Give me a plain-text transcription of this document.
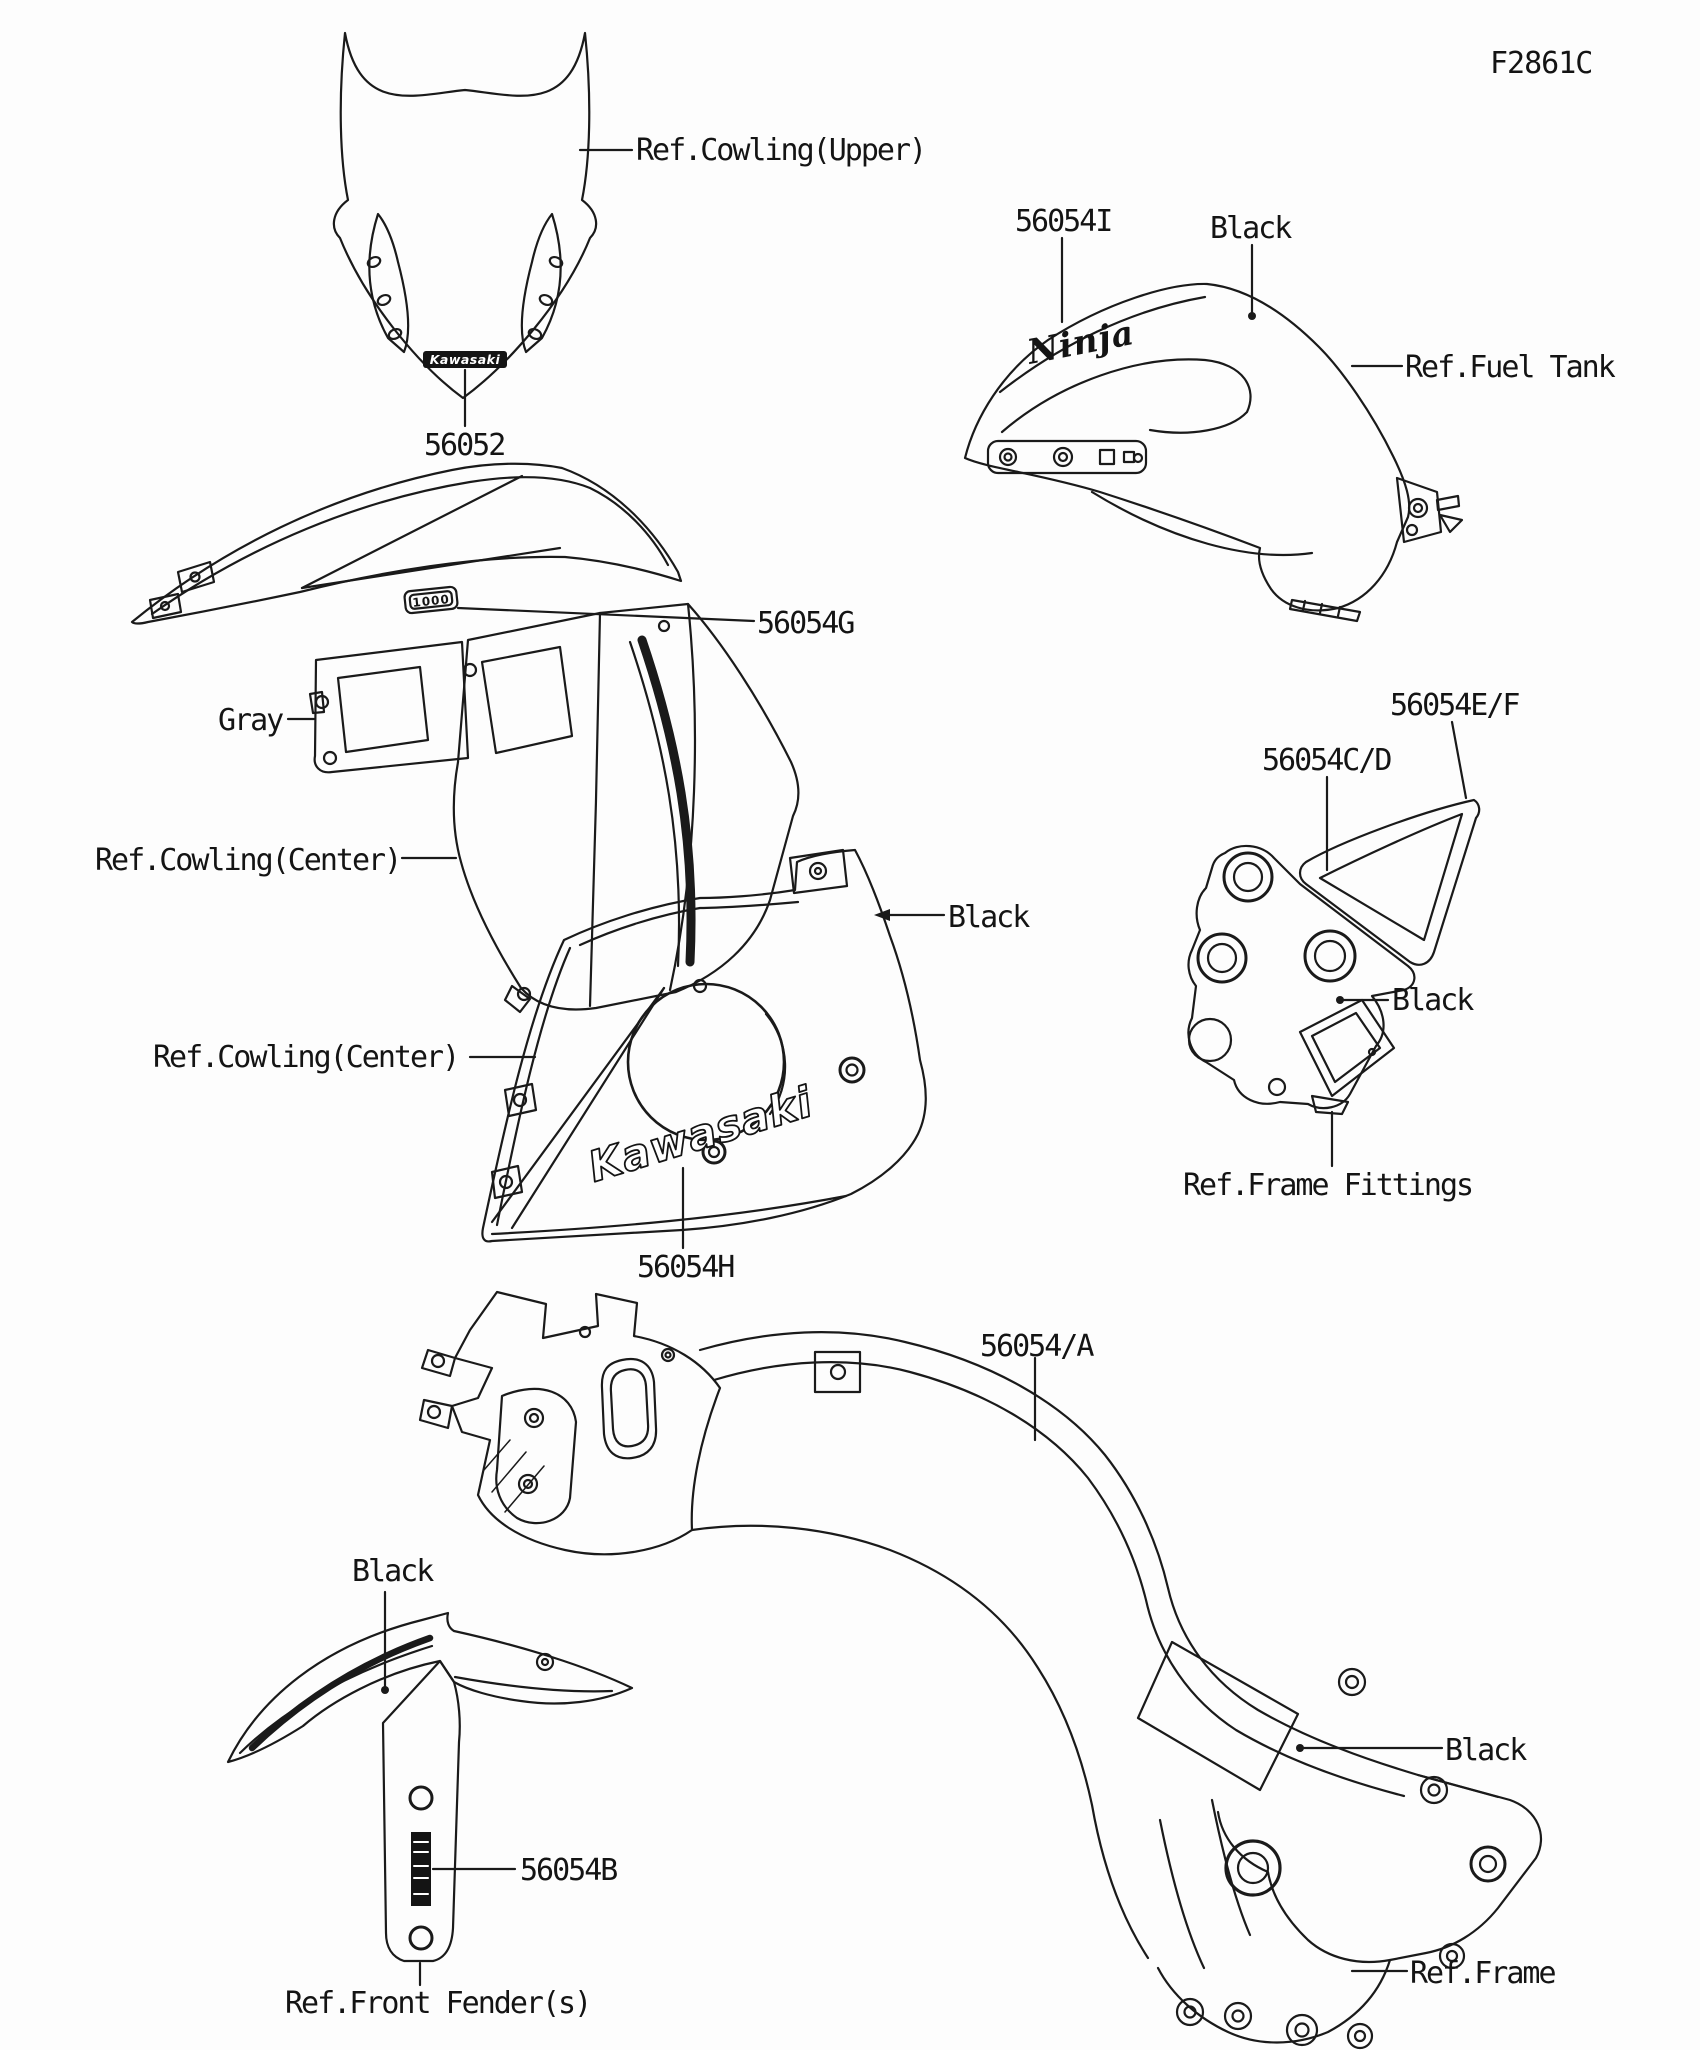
Kawasaki	Ninja
1000
Kawasaki
F2861C
Ref.Cowling(Upper)
56052
56054I	Black
Ref.Fuel Tank
56054G
Gray
Ref.Cowling(Center)
Black
Ref.Cowling(Center)
56054H
56054E/F
56054C/D
Black
Ref.Frame Fittings
56054/A
Black
56054B
Ref.Front Fender(s)
Black
Ref.Frame
